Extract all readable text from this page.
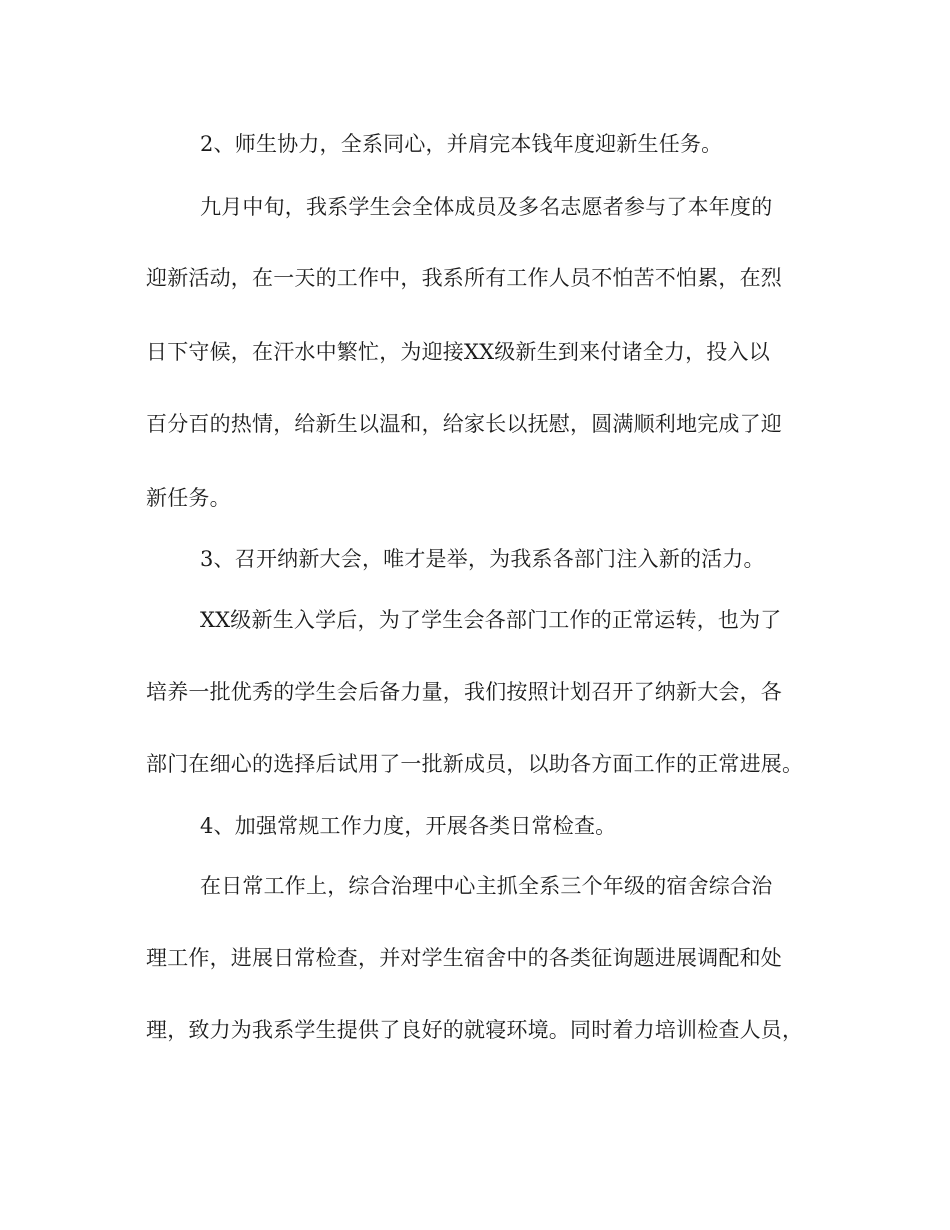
2、师生协力，全系同心，并肩完本钱年度迎新生任务。
九月中旬，我系学生会全体成员及多名志愿者参与了本年度的
迎新活动，在一天的工作中，我系所有工作人员不怕苦不怕累，在烈
日下守候，在汗水中繁忙，为迎接XX级新生到来付诸全力，投入以
百分百的热情，给新生以温和，给家长以抚慰，圆满顺利地完成了迎
新任务。
3、召开纳新大会，唯才是举，为我系各部门注入新的活力。
XX级新生入学后，为了学生会各部门工作的正常运转，也为了
培养一批优秀的学生会后备力量，我们按照计划召开了纳新大会，各
部门在细心的选择后试用了一批新成员，以助各方面工作的正常进展。
4、加强常规工作力度，开展各类日常检查。
在日常工作上，综合治理中心主抓全系三个年级的宿舍综合治
理工作，进展日常检查，并对学生宿舍中的各类征询题进展调配和处
理，致力为我系学生提供了良好的就寝环境。同时着力培训检查人员，
